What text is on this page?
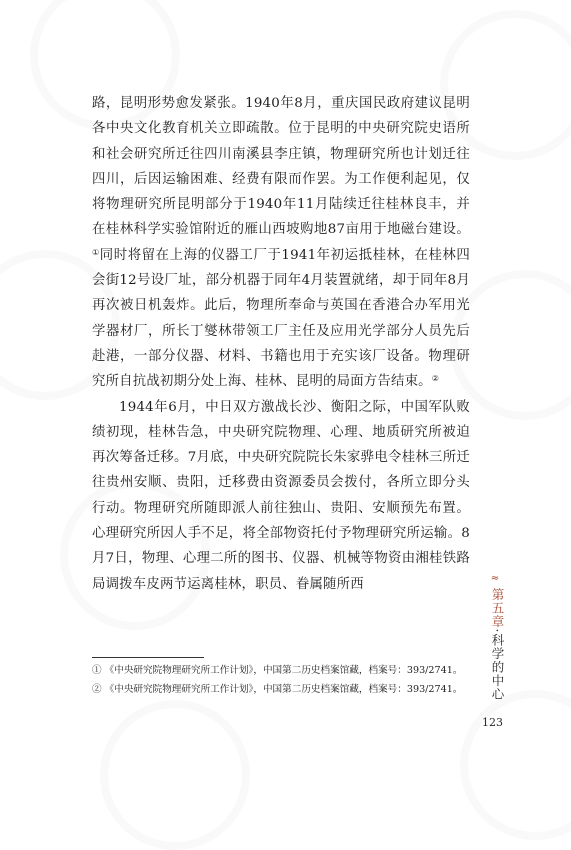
路，昆明形势愈发紧张。1940年8月，重庆国民政府建议昆明各中央文化教育机关立即疏散。位于昆明的中央研究院史语所和社会研究所迁往四川南溪县李庄镇，物理研究所也计划迁往四川，后因运输困难、经费有限而作罢。为工作便利起见，仅将物理研究所昆明部分于1940年11月陆续迁往桂林良丰，并在桂林科学实验馆附近的雁山西坡购地87亩用于地磁台建设。①同时将留在上海的仪器工厂于1941年初运抵桂林，在桂林四会街12号设厂址，部分机器于同年4月装置就绪，却于同年8月再次被日机轰炸。此后，物理所奉命与英国在香港合办军用光学器材厂，所长丁燮林带领工厂主任及应用光学部分人员先后赴港，一部分仪器、材料、书籍也用于充实该厂设备。物理研究所自抗战初期分处上海、桂林、昆明的局面方告结束。②

1944年6月，中日双方激战长沙、衡阳之际，中国军队败绩初现，桂林告急，中央研究院物理、心理、地质研究所被迫再次筹备迁移。7月底，中央研究院院长朱家骅电令桂林三所迁往贵州安顺、贵阳，迁移费由资源委员会拨付，各所立即分头行动。物理研究所随即派人前往独山、贵阳、安顺预先布置。心理研究所因人手不足，将全部物资托付予物理研究所运输。8月7日，物理、心理二所的图书、仪器、机械等物资由湘桂铁路局调拨车皮两节运离桂林，职员、眷属随所西

① 《中央研究院物理研究所工作计划》，中国第二历史档案馆藏，档案号：393/2741。

② 《中央研究院物理研究所工作计划》，中国第二历史档案馆藏，档案号：393/2741。

≈
第五章·科学的中心
123
